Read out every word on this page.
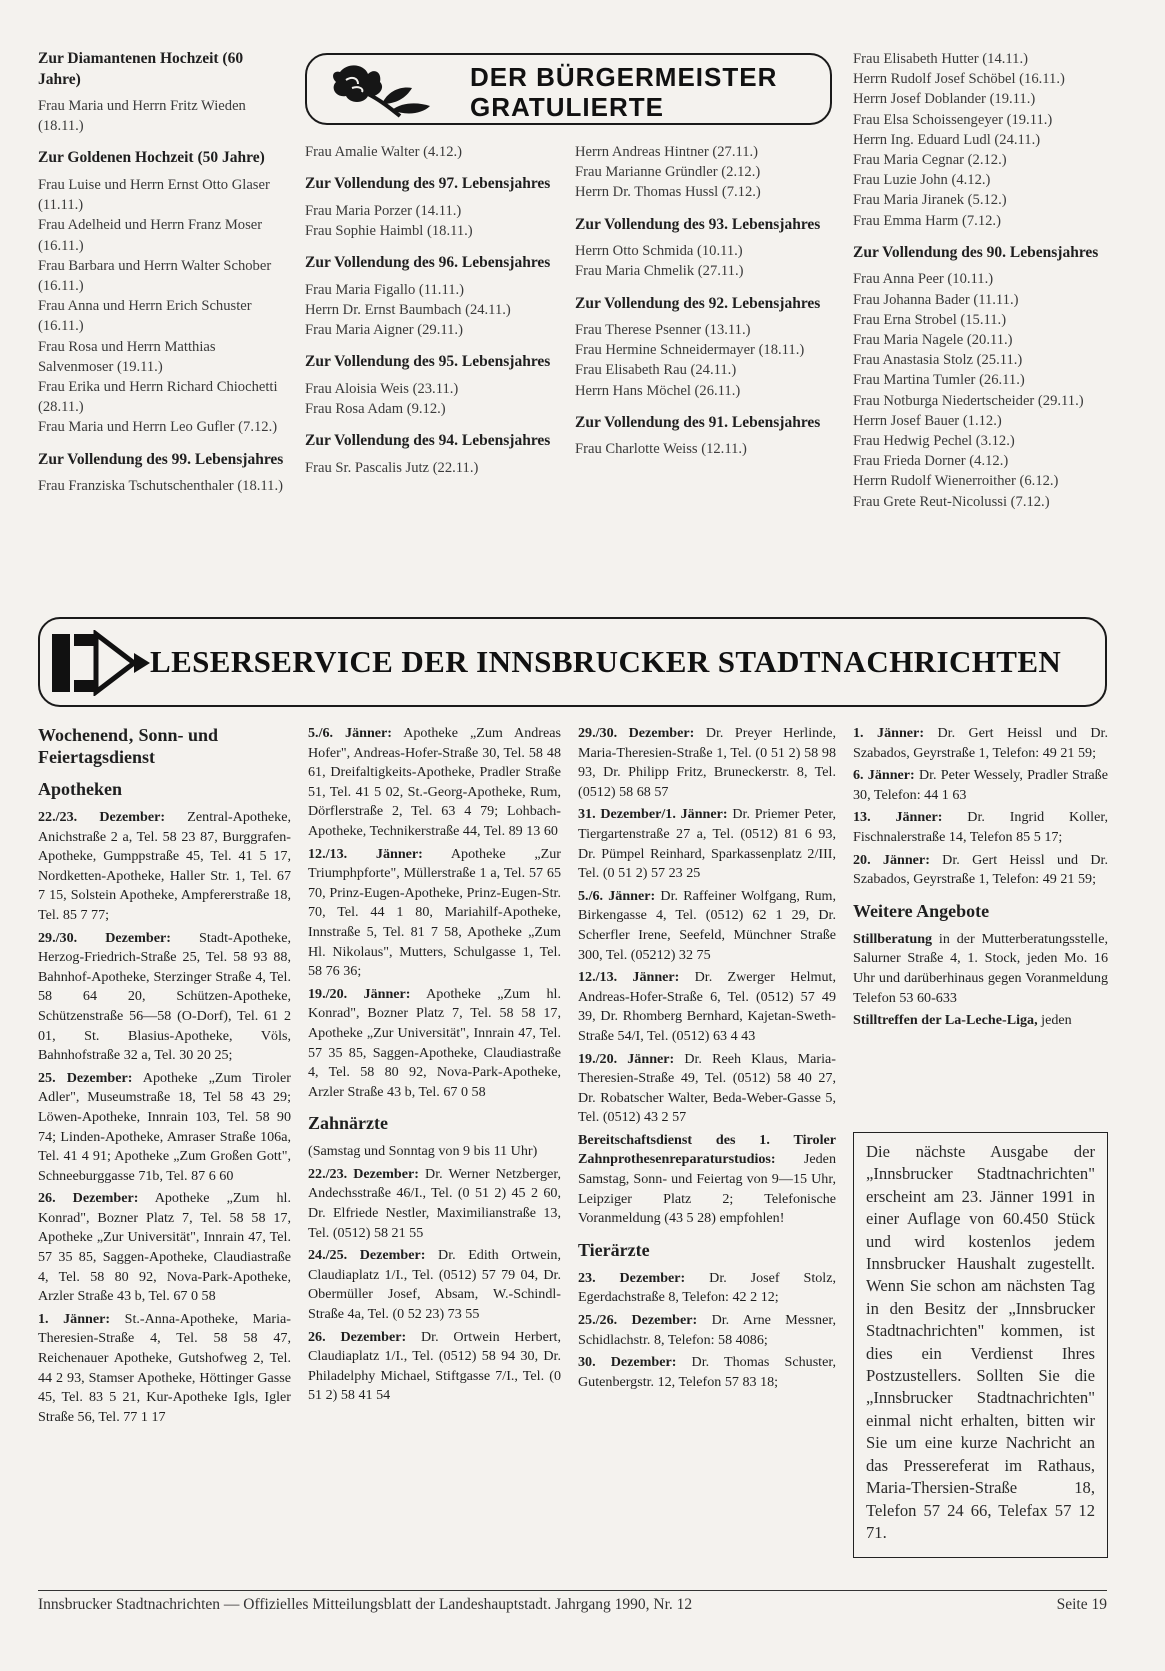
Zur Diamantenen Hochzeit (60 Jahre)
Frau Maria und Herrn Fritz Wieden (18.11.)
Zur Goldenen Hochzeit (50 Jahre)
Frau Luise und Herrn Ernst Otto Glaser (11.11.)
Frau Adelheid und Herrn Franz Moser (16.11.)
Frau Barbara und Herrn Walter Schober (16.11.)
Frau Anna und Herrn Erich Schuster (16.11.)
Frau Rosa und Herrn Matthias Salvenmoser (19.11.)
Frau Erika und Herrn Richard Chiochetti (28.11.)
Frau Maria und Herrn Leo Gufler (7.12.)
Zur Vollendung des 99. Lebensjahres
Frau Franziska Tschutschenthaler (18.11.)
DER BÜRGERMEISTER GRATULIERTE
Frau Amalie Walter (4.12.)
Zur Vollendung des 97. Lebensjahres
Frau Maria Porzer (14.11.)
Frau Sophie Haimbl (18.11.)
Zur Vollendung des 96. Lebensjahres
Frau Maria Figallo (11.11.)
Herrn Dr. Ernst Baumbach (24.11.)
Frau Maria Aigner (29.11.)
Zur Vollendung des 95. Lebensjahres
Frau Aloisia Weis (23.11.)
Frau Rosa Adam (9.12.)
Zur Vollendung des 94. Lebensjahres
Frau Sr. Pascalis Jutz (22.11.)
Herrn Andreas Hintner (27.11.)
Frau Marianne Gründler (2.12.)
Herrn Dr. Thomas Hussl (7.12.)
Zur Vollendung des 93. Lebensjahres
Herrn Otto Schmida (10.11.)
Frau Maria Chmelik (27.11.)
Zur Vollendung des 92. Lebensjahres
Frau Therese Psenner (13.11.)
Frau Hermine Schneidermayer (18.11.)
Frau Elisabeth Rau (24.11.)
Herrn Hans Möchel (26.11.)
Zur Vollendung des 91. Lebensjahres
Frau Charlotte Weiss (12.11.)
Frau Elisabeth Hutter (14.11.)
Herrn Rudolf Josef Schöbel (16.11.)
Herrn Josef Doblander (19.11.)
Frau Elsa Schoissengeyer (19.11.)
Herrn Ing. Eduard Ludl (24.11.)
Frau Maria Cegnar (2.12.)
Frau Luzie John (4.12.)
Frau Maria Jiranek (5.12.)
Frau Emma Harm (7.12.)
Zur Vollendung des 90. Lebensjahres
Frau Anna Peer (10.11.)
Frau Johanna Bader (11.11.)
Frau Erna Strobel (15.11.)
Frau Maria Nagele (20.11.)
Frau Anastasia Stolz (25.11.)
Frau Martina Tumler (26.11.)
Frau Notburga Niedertscheider (29.11.)
Herrn Josef Bauer (1.12.)
Frau Hedwig Pechel (3.12.)
Frau Frieda Dorner (4.12.)
Herrn Rudolf Wienerroither (6.12.)
Frau Grete Reut-Nicolussi (7.12.)
LESERSERVICE DER INNSBRUCKER STADTNACHRICHTEN
Wochenend‚ Sonn- und Feiertagsdienst
Apotheken
22./23. Dezember: Zentral-Apotheke, Anichstraße 2 a, Tel. 58 23 87, Burggrafen-Apotheke, Gumppstraße 45, Tel. 41 5 17, Nordketten-Apotheke, Haller Str. 1, Tel. 67 7 15, Solstein Apotheke, Ampfererstraße 18, Tel. 85 7 77;
29./30. Dezember: Stadt-Apotheke, Herzog-Friedrich-Straße 25, Tel. 58 93 88, Bahnhof-Apotheke, Sterzinger Straße 4, Tel. 58 64 20, Schützen-Apotheke, Schützenstraße 56—58 (O-Dorf), Tel. 61 2 01, St. Blasius-Apotheke, Völs, Bahnhofstraße 32 a, Tel. 30 20 25;
25. Dezember: Apotheke „Zum Tiroler Adler", Museumstraße 18, Tel 58 43 29; Löwen-Apotheke, Innrain 103, Tel. 58 90 74; Linden-Apotheke, Amraser Straße 106a, Tel. 41 4 91; Apotheke „Zum Großen Gott", Schneeburggasse 71b, Tel. 87 6 60
26. Dezember: Apotheke „Zum hl. Konrad", Bozner Platz 7, Tel. 58 58 17, Apotheke „Zur Universität", Innrain 47, Tel. 57 35 85, Saggen-Apotheke, Claudiastraße 4, Tel. 58 80 92, Nova-Park-Apotheke, Arzler Straße 43 b, Tel. 67 0 58
1. Jänner: St.-Anna-Apotheke, Maria-Theresien-Straße 4, Tel. 58 58 47, Reichenauer Apotheke, Gutshofweg 2, Tel. 44 2 93, Stamser Apotheke, Höttinger Gasse 45, Tel. 83 5 21, Kur-Apotheke Igls, Igler Straße 56, Tel. 77 1 17
5./6. Jänner: Apotheke „Zum Andreas Hofer", Andreas-Hofer-Straße 30, Tel. 58 48 61, Dreifaltigkeits-Apotheke, Pradler Straße 51, Tel. 41 5 02, St.-Georg-Apotheke, Rum, Dörflerstraße 2, Tel. 63 4 79; Lohbach-Apotheke, Technikerstraße 44, Tel. 89 13 60
12./13. Jänner: Apotheke „Zur Triumphpforte", Müllerstraße 1 a, Tel. 57 65 70, Prinz-Eugen-Apotheke, Prinz-Eugen-Str. 70, Tel. 44 1 80, Mariahilf-Apotheke, Innstraße 5, Tel. 81 7 58, Apotheke „Zum Hl. Nikolaus", Mutters, Schulgasse 1, Tel. 58 76 36;
19./20. Jänner: Apotheke „Zum hl. Konrad", Bozner Platz 7, Tel. 58 58 17, Apotheke „Zur Universität", Innrain 47, Tel. 57 35 85, Saggen-Apotheke, Claudiastraße 4, Tel. 58 80 92, Nova-Park-Apotheke, Arzler Straße 43 b, Tel. 67 0 58
Zahnärzte
(Samstag und Sonntag von 9 bis 11 Uhr)
22./23. Dezember: Dr. Werner Netzberger, Andechsstraße 46/I., Tel. (0 51 2) 45 2 60, Dr. Elfriede Nestler, Maximilianstraße 13, Tel. (0512) 58 21 55
24./25. Dezember: Dr. Edith Ortwein, Claudiaplatz 1/I., Tel. (0512) 57 79 04, Dr. Obermüller Josef, Absam, W.-Schindl-Straße 4a, Tel. (0 52 23) 73 55
26. Dezember: Dr. Ortwein Herbert, Claudiaplatz 1/I., Tel. (0512) 58 94 30, Dr. Philadelphy Michael, Stiftgasse 7/I., Tel. (0 51 2) 58 41 54
29./30. Dezember: Dr. Preyer Herlinde, Maria-Theresien-Straße 1, Tel. (0 51 2) 58 98 93, Dr. Philipp Fritz, Bruneckerstr. 8, Tel. (0512) 58 68 57
31. Dezember/1. Jänner: Dr. Priemer Peter, Tiergartenstraße 27 a, Tel. (0512) 81 6 93, Dr. Pümpel Reinhard, Sparkassenplatz 2/III, Tel. (0 51 2) 57 23 25
5./6. Jänner: Dr. Raffeiner Wolfgang, Rum, Birkengasse 4, Tel. (0512) 62 1 29, Dr. Scherfler Irene, Seefeld, Münchner Straße 300, Tel. (05212) 32 75
12./13. Jänner: Dr. Zwerger Helmut, Andreas-Hofer-Straße 6, Tel. (0512) 57 49 39, Dr. Rhomberg Bernhard, Kajetan-Sweth-Straße 54/I, Tel. (0512) 63 4 43
19./20. Jänner: Dr. Reeh Klaus, Maria-Theresien-Straße 49, Tel. (0512) 58 40 27, Dr. Robatscher Walter, Beda-Weber-Gasse 5, Tel. (0512) 43 2 57
Bereitschaftsdienst des 1. Tiroler Zahnprothesenreparaturstudios: Jeden Samstag, Sonn- und Feiertag von 9—15 Uhr, Leipziger Platz 2; Telefonische Voranmeldung (43 5 28) empfohlen!
Tierärzte
23. Dezember: Dr. Josef Stolz, Egerdachstraße 8, Telefon: 42 2 12;
25./26. Dezember: Dr. Arne Messner, Schidlachstr. 8, Telefon: 58 4086;
30. Dezember: Dr. Thomas Schuster, Gutenbergstr. 12, Telefon 57 83 18;
1. Jänner: Dr. Gert Heissl und Dr. Szabados, Geyrstraße 1, Telefon: 49 21 59;
6. Jänner: Dr. Peter Wessely, Pradler Straße 30, Telefon: 44 1 63
13. Jänner: Dr. Ingrid Koller, Fischnalerstraße 14, Telefon 85 5 17;
20. Jänner: Dr. Gert Heissl und Dr. Szabados, Geyrstraße 1, Telefon: 49 21 59;
Weitere Angebote
Stillberatung in der Mutterberatungsstelle, Salurner Straße 4, 1. Stock, jeden Mo. 16 Uhr und darüberhinaus gegen Voranmeldung Telefon 53 60-633
Stilltreffen der La-Leche-Liga, jeden
Die nächste Ausgabe der „Innsbrucker Stadtnachrichten" erscheint am 23. Jänner 1991 in einer Auflage von 60.450 Stück und wird kostenlos jedem Innsbrucker Haushalt zugestellt. Wenn Sie schon am nächsten Tag in den Besitz der „Innsbrucker Stadtnachrichten" kommen, ist dies ein Verdienst Ihres Postzustellers. Sollten Sie die „Innsbrucker Stadtnachrichten" einmal nicht erhalten, bitten wir Sie um eine kurze Nachricht an das Pressereferat im Rathaus, Maria-Thersien-Straße 18, Telefon 57 24 66, Telefax 57 12 71.
Innsbrucker Stadtnachrichten — Offizielles Mitteilungsblatt der Landeshauptstadt. Jahrgang 1990, Nr. 12	Seite 19
